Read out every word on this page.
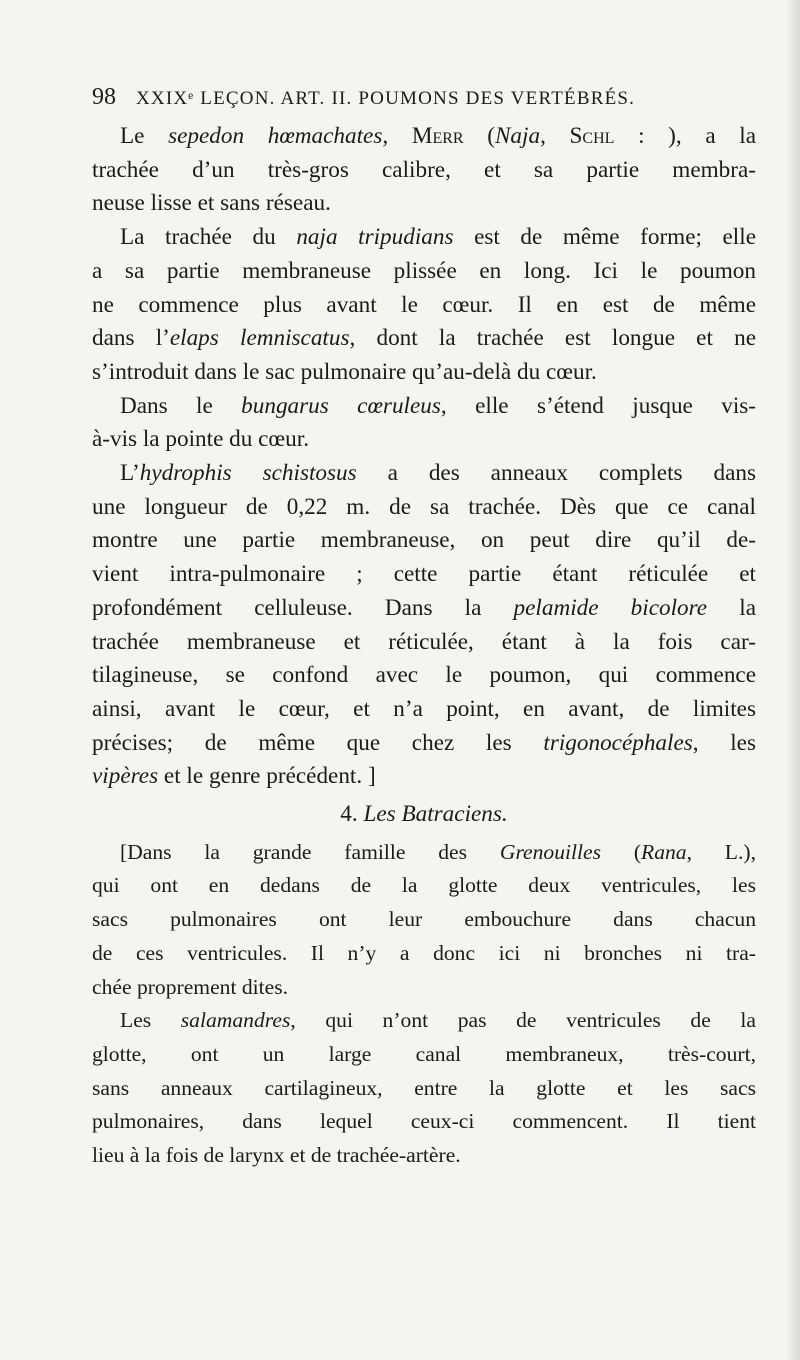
98 XXIXᵉ LEÇON. ART. II. POUMONS DES VERTÉBRÉS.
Le sepedon hœmachates, Merr (Naja, Schl : ), a la
trachée d’un très-gros calibre, et sa partie membra-
neuse lisse et sans réseau.
La trachée du naja tripudians est de même forme; elle
a sa partie membraneuse plissée en long. Ici le poumon
ne commence plus avant le cœur. Il en est de même
dans l’elaps lemniscatus, dont la trachée est longue et ne
s’introduit dans le sac pulmonaire qu’au-delà du cœur.
Dans le bungarus cœruleus, elle s’étend jusque vis-
à-vis la pointe du cœur.
L’hydrophis schistosus a des anneaux complets dans
une longueur de 0,22 m. de sa trachée. Dès que ce canal
montre une partie membraneuse, on peut dire qu’il de-
vient intra-pulmonaire ; cette partie étant réticulée et
profondément celluleuse. Dans la pelamide bicolore la
trachée membraneuse et réticulée, étant à la fois car-
tilagineuse, se confond avec le poumon, qui commence
ainsi, avant le cœur, et n’a point, en avant, de limites
précises; de même que chez les trigonocéphales, les
vipères et le genre précédent. ]
4. Les Batraciens.
[Dans la grande famille des Grenouilles (Rana, L.),
qui ont en dedans de la glotte deux ventricules, les
sacs pulmonaires ont leur embouchure dans chacun
de ces ventricules. Il n’y a donc ici ni bronches ni tra-
chée proprement dites.
Les salamandres, qui n’ont pas de ventricules de la
glotte, ont un large canal membraneux, très-court,
sans anneaux cartilagineux, entre la glotte et les sacs
pulmonaires, dans lequel ceux-ci commencent. Il tient
lieu à la fois de larynx et de trachée-artère.
